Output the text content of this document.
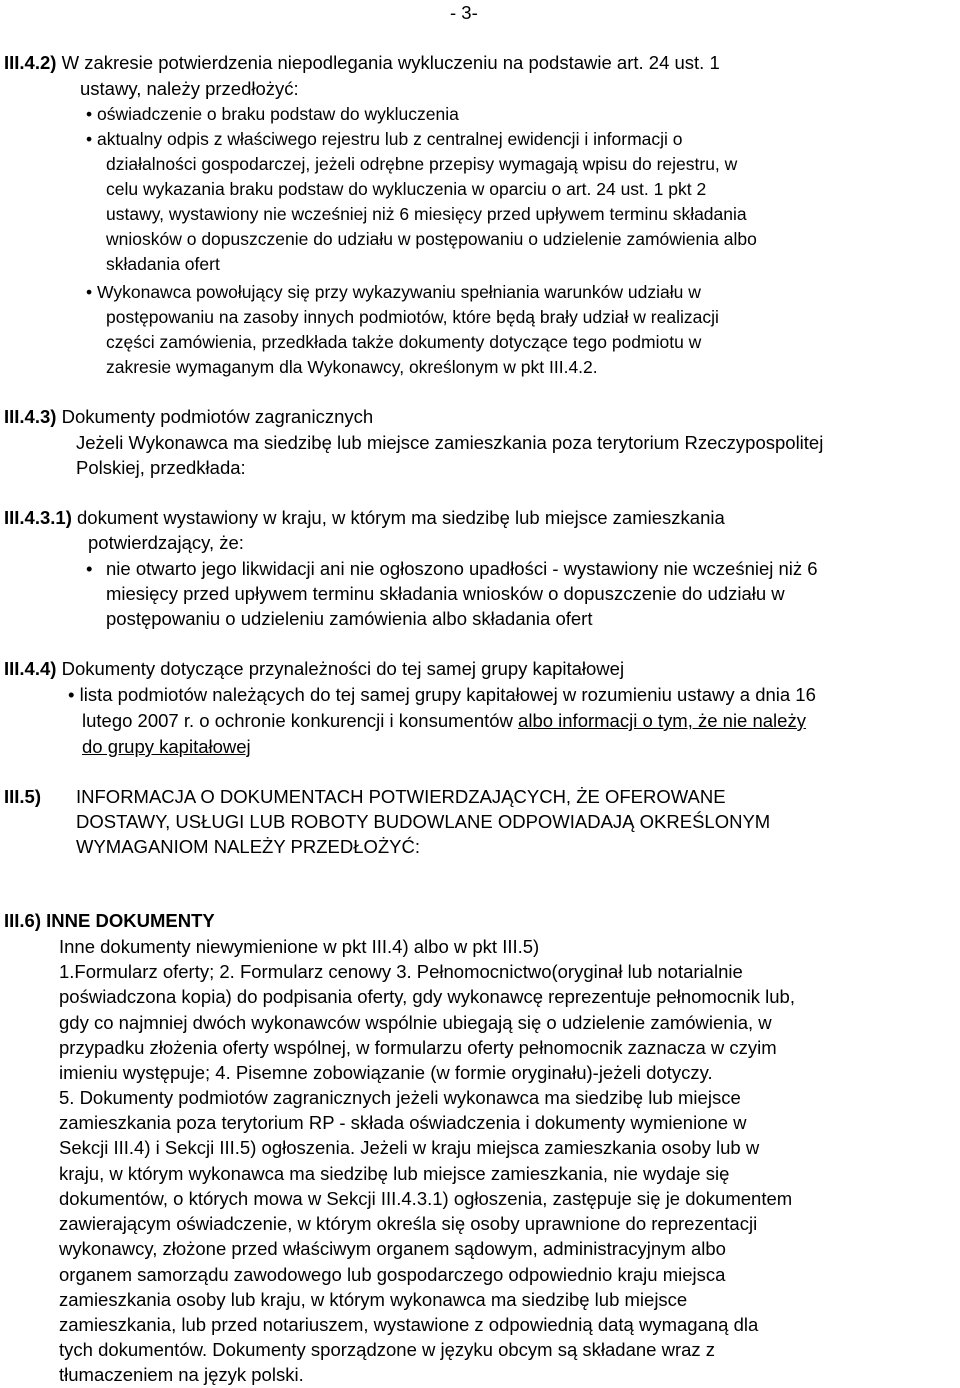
- 3-
III.4.2) W zakresie potwierdzenia niepodlegania wykluczeniu na podstawie art. 24 ust. 1
ustawy, należy przedłożyć:
• oświadczenie o braku podstaw do wykluczenia
• aktualny odpis z właściwego rejestru lub z centralnej ewidencji i informacji o
działalności gospodarczej, jeżeli odrębne przepisy wymagają wpisu do rejestru, w
celu wykazania braku podstaw do wykluczenia w oparciu o art. 24 ust. 1 pkt 2
ustawy, wystawiony nie wcześniej niż 6 miesięcy przed upływem terminu składania
wniosków o dopuszczenie do udziału w postępowaniu o udzielenie zamówienia albo
składania ofert
• Wykonawca powołujący się przy wykazywaniu spełniania warunków udziału w
postępowaniu na zasoby innych podmiotów, które będą brały udział w realizacji
części zamówienia, przedkłada także dokumenty dotyczące tego podmiotu w
zakresie wymaganym dla Wykonawcy, określonym w pkt III.4.2.
III.4.3) Dokumenty podmiotów zagranicznych
Jeżeli Wykonawca ma siedzibę lub miejsce zamieszkania poza terytorium Rzeczypospolitej
Polskiej, przedkłada:
III.4.3.1) dokument wystawiony w kraju, w którym ma siedzibę lub miejsce zamieszkania
potwierdzający, że:
• nie otwarto jego likwidacji ani nie ogłoszono upadłości - wystawiony nie wcześniej niż 6
miesięcy przed upływem terminu składania wniosków o dopuszczenie do udziału w
postępowaniu o udzieleniu zamówienia albo składania ofert
III.4.4) Dokumenty dotyczące przynależności do tej samej grupy kapitałowej
• lista podmiotów należących do tej samej grupy kapitałowej w rozumieniu ustawy a dnia 16
lutego 2007 r. o ochronie konkurencji i konsumentów albo informacji o tym, że nie należy
do grupy kapitałowej
III.5) INFORMACJA O DOKUMENTACH POTWIERDZAJĄCYCH, ŻE OFEROWANE
DOSTAWY, USŁUGI LUB ROBOTY BUDOWLANE ODPOWIADAJĄ OKREŚLONYM
WYMAGANIOM NALEŻY PRZEDŁOŻYĆ:
III.6) INNE DOKUMENTY
Inne dokumenty niewymienione w pkt III.4) albo w pkt III.5)
1.Formularz oferty; 2. Formularz cenowy 3. Pełnomocnictwo(oryginał lub notarialnie
poświadczona kopia) do podpisania oferty, gdy wykonawcę reprezentuje pełnomocnik lub,
gdy co najmniej dwóch wykonawców wspólnie ubiegają się o udzielenie zamówienia, w
przypadku złożenia oferty wspólnej, w formularzu oferty pełnomocnik zaznacza w czyim
imieniu występuje; 4. Pisemne zobowiązanie (w formie oryginału)-jeżeli dotyczy.
5. Dokumenty podmiotów zagranicznych jeżeli wykonawca ma siedzibę lub miejsce
zamieszkania poza terytorium RP - składa oświadczenia i dokumenty wymienione w
Sekcji III.4) i Sekcji III.5) ogłoszenia. Jeżeli w kraju miejsca zamieszkania osoby lub w
kraju, w którym wykonawca ma siedzibę lub miejsce zamieszkania, nie wydaje się
dokumentów, o których mowa w Sekcji III.4.3.1) ogłoszenia, zastępuje się je dokumentem
zawierającym oświadczenie, w którym określa się osoby uprawnione do reprezentacji
wykonawcy, złożone przed właściwym organem sądowym, administracyjnym albo
organem samorządu zawodowego lub gospodarczego odpowiednio kraju miejsca
zamieszkania osoby lub kraju, w którym wykonawca ma siedzibę lub miejsce
zamieszkania, lub przed notariuszem, wystawione z odpowiednią datą wymaganą dla
tych dokumentów. Dokumenty sporządzone w języku obcym są składane wraz z
tłumaczeniem na język polski.
